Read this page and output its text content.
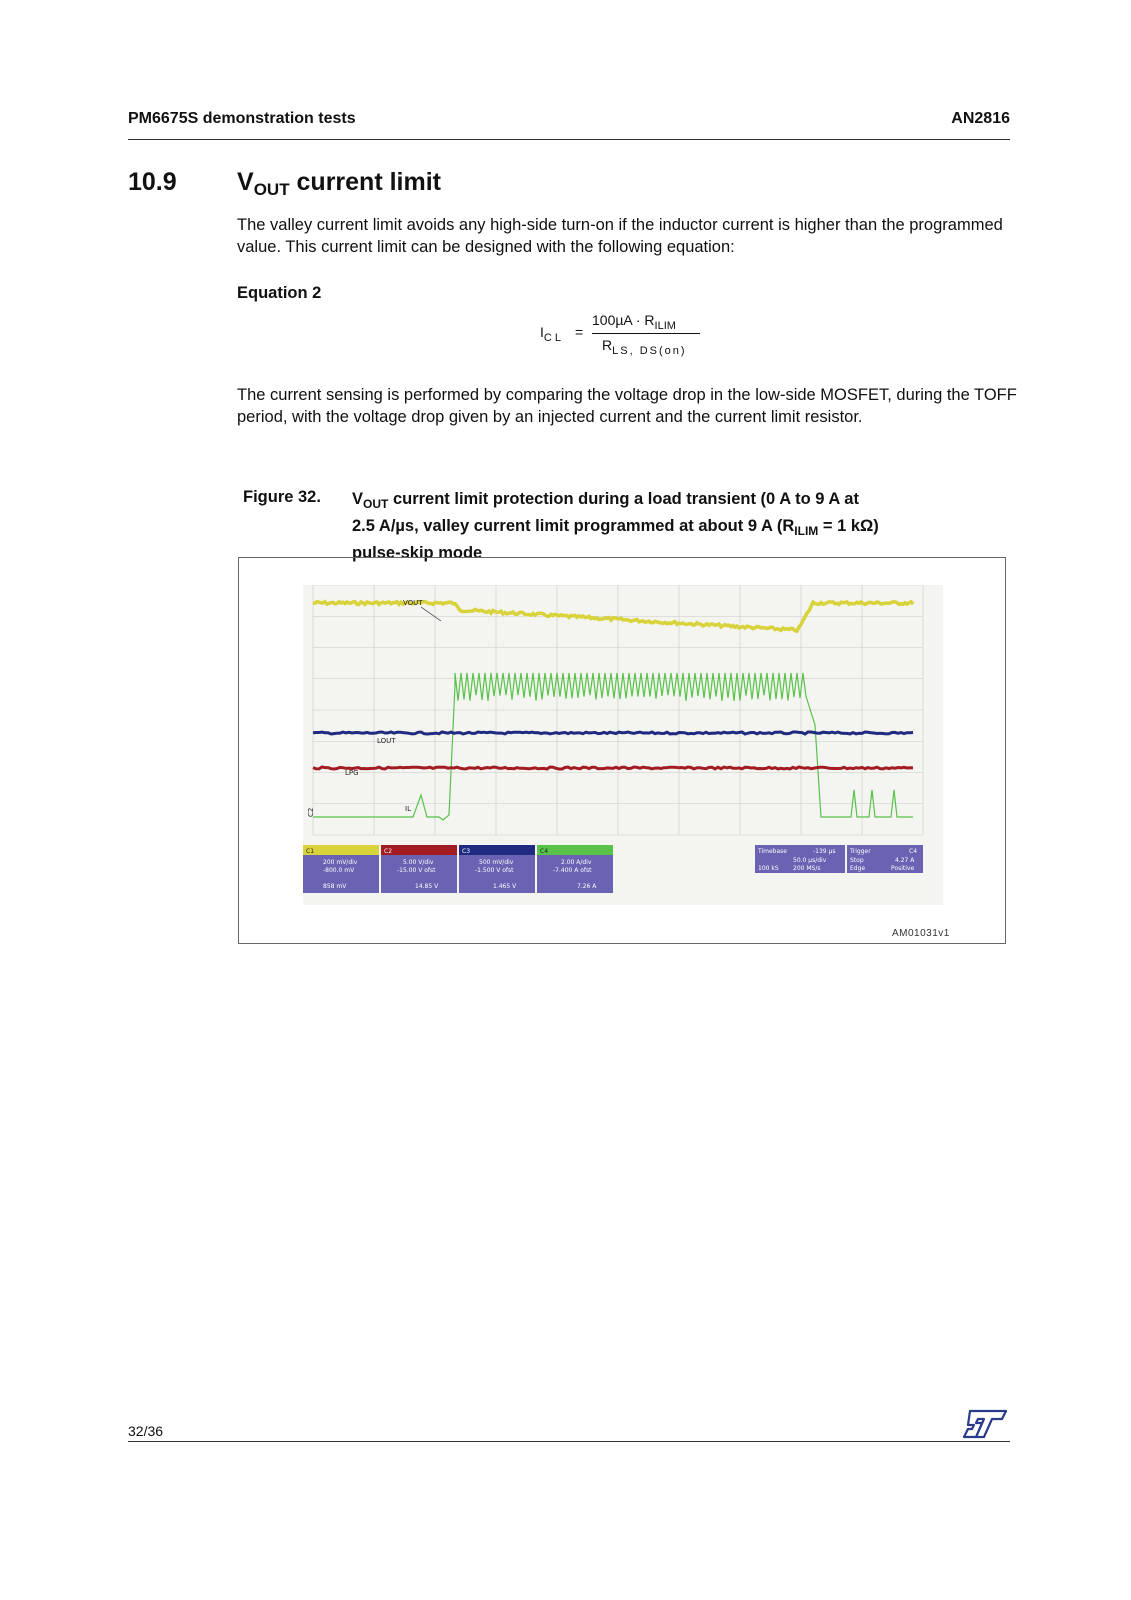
PM6675S demonstration tests	AN2816
10.9 $V_{OUT}$ current limit
The valley current limit avoids any high-side turn-on if the inductor current is higher than the programmed value. This current limit can be designed with the following equation:
Equation 2
$I_{CL}$ =
$100\mu A \cdot R_{ILIM}$
$R_{LS, DS(on)}$
The current sensing is performed by comparing the voltage drop in the low-side MOSFET, during the TOFF period, with the voltage drop given by an injected current and the current limit resistor.
Figure 32. $V_{OUT}$ current limit protection during a load transient (0 A to 9 A at
2.5 A/µs, valley current limit programmed at about 9 A ($R_{ILIM} = 1$ kΩ)
pulse-skip mode
VOUT
LOUT
LPG
IL
C2
C1
200 mV/div
-800.0 mV
858 mV
C2
5.00 V/div
-15.00 V ofst
14.85 V
C3
500 mV/div
-1.500 V ofst
1.465 V
C4
2.00 A/div
-7.400 A ofst
7.26 A
Timebase	-139 µs
50.0 µs/div
100 kS 200 MS/s
Trigger	C4
Stop	4.27 A
Edge	Positive
AM01031v1
32/36
